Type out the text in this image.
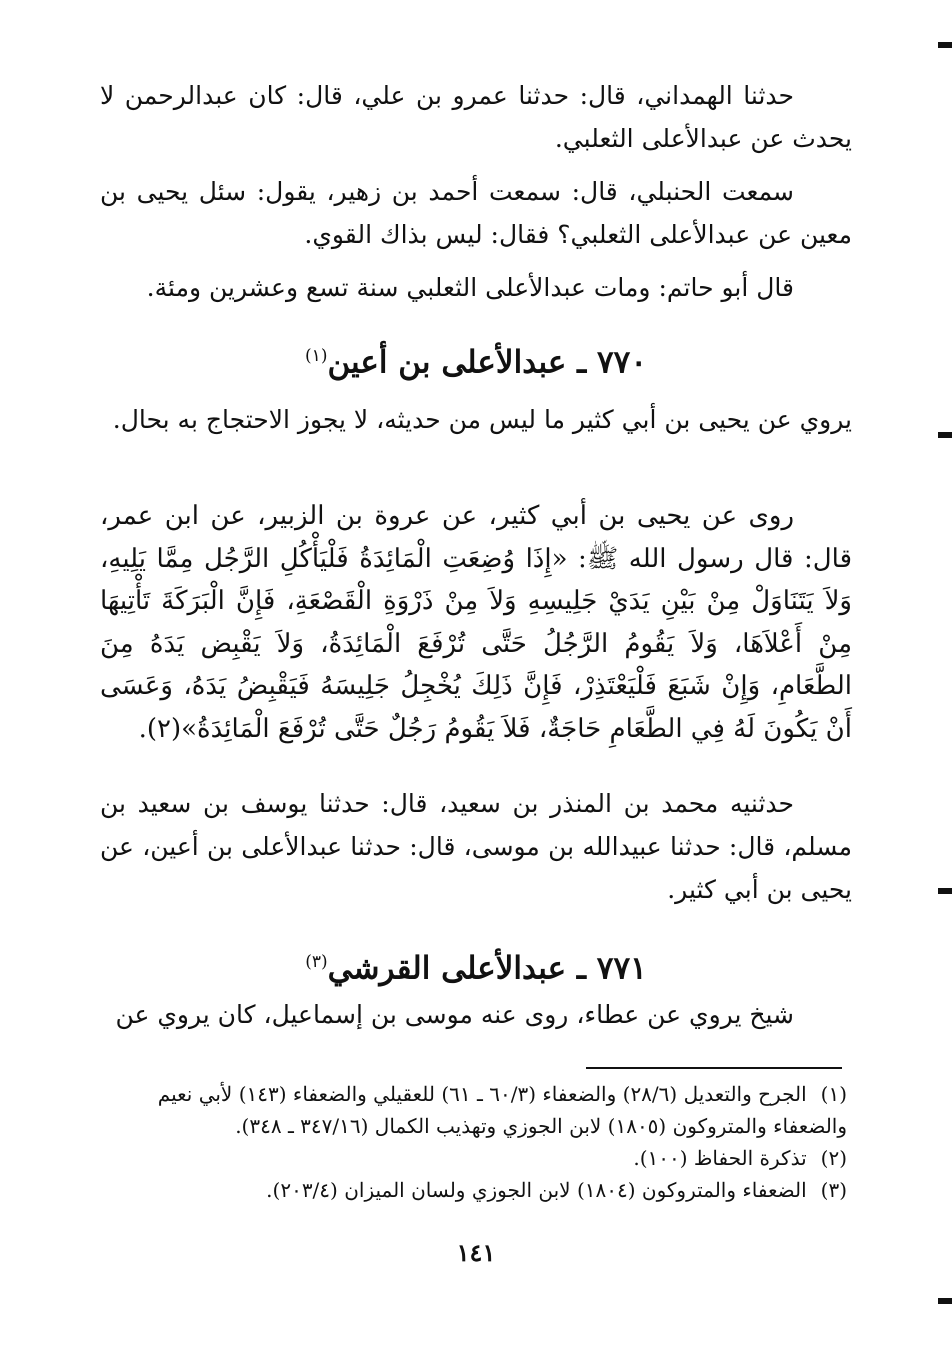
حدثنا الهمداني، قال: حدثنا عمرو بن علي، قال: كان عبدالرحمن لا يحدث عن عبدالأعلى الثعلبي.

سمعت الحنبلي، قال: سمعت أحمد بن زهير، يقول: سئل يحيى بن معين عن عبدالأعلى الثعلبي؟ فقال: ليس بذاك القوي.

قال أبو حاتم: ومات عبدالأعلى الثعلبي سنة تسع وعشرين ومئة.

٧٧٠ ـ عبدالأعلى بن أعين$^{(١)}$

يروي عن يحيى بن أبي كثير ما ليس من حديثه، لا يجوز الاحتجاج به بحال.

روى عن يحيى بن أبي كثير، عن عروة بن الزبير، عن ابن عمر، قال: قال رسول الله ﷺ: «إِذَا وُضِعَتِ الْمَائِدَةُ فَلْيَأْكُلِ الرَّجُل مِمَّا يَلِيهِ، وَلاَ يَتَنَاوَلْ مِنْ بَيْنِ يَدَيْ جَلِيسِهِ وَلاَ مِنْ ذَرْوَةِ الْقَصْعَةِ، فَإِنَّ الْبَرَكَةَ تَأْتِيهَا مِنْ أَعْلاَهَا، وَلاَ يَقُومُ الرَّجُلُ حَتَّى تُرْفَعَ الْمَائِدَةُ، وَلاَ يَقْبِض يَدَهُ مِنَ الطَّعَامِ، وَإِنْ شَبَعَ فَلْيَعْتَذِرْ، فَإِنَّ ذَلِكَ يُخْجِلُ جَلِيسَهُ فَيَقْبِضُ يَدَهُ، وَعَسَى أَنْ يَكُونَ لَهُ فِي الطَّعَامِ حَاجَةٌ، فَلاَ يَقُومُ رَجُلٌ حَتَّى تُرْفَعَ الْمَائِدَةُ»(٢).

حدثنيه محمد بن المنذر بن سعيد، قال: حدثنا يوسف بن سعيد بن مسلم، قال: حدثنا عبيدالله بن موسى، قال: حدثنا عبدالأعلى بن أعين، عن يحيى بن أبي كثير.

٧٧١ ـ عبدالأعلى القرشي$^{(٣)}$

شيخ يروي عن عطاء، روى عنه موسى بن إسماعيل، كان يروي عن

(١) الجرح والتعديل (٢٨/٦) والضعفاء (٦٠/٣ ـ ٦١) للعقيلي والضعفاء (١٤٣) لأبي نعيم
والضعفاء والمتروكون (١٨٠٥) لابن الجوزي وتهذيب الكمال (٣٤٧/١٦ ـ ٣٤٨).
(٢) تذكرة الحفاظ (١٠٠).
(٣) الضعفاء والمتروكون (١٨٠٤) لابن الجوزي ولسان الميزان (٢٠٣/٤).
١٤١
